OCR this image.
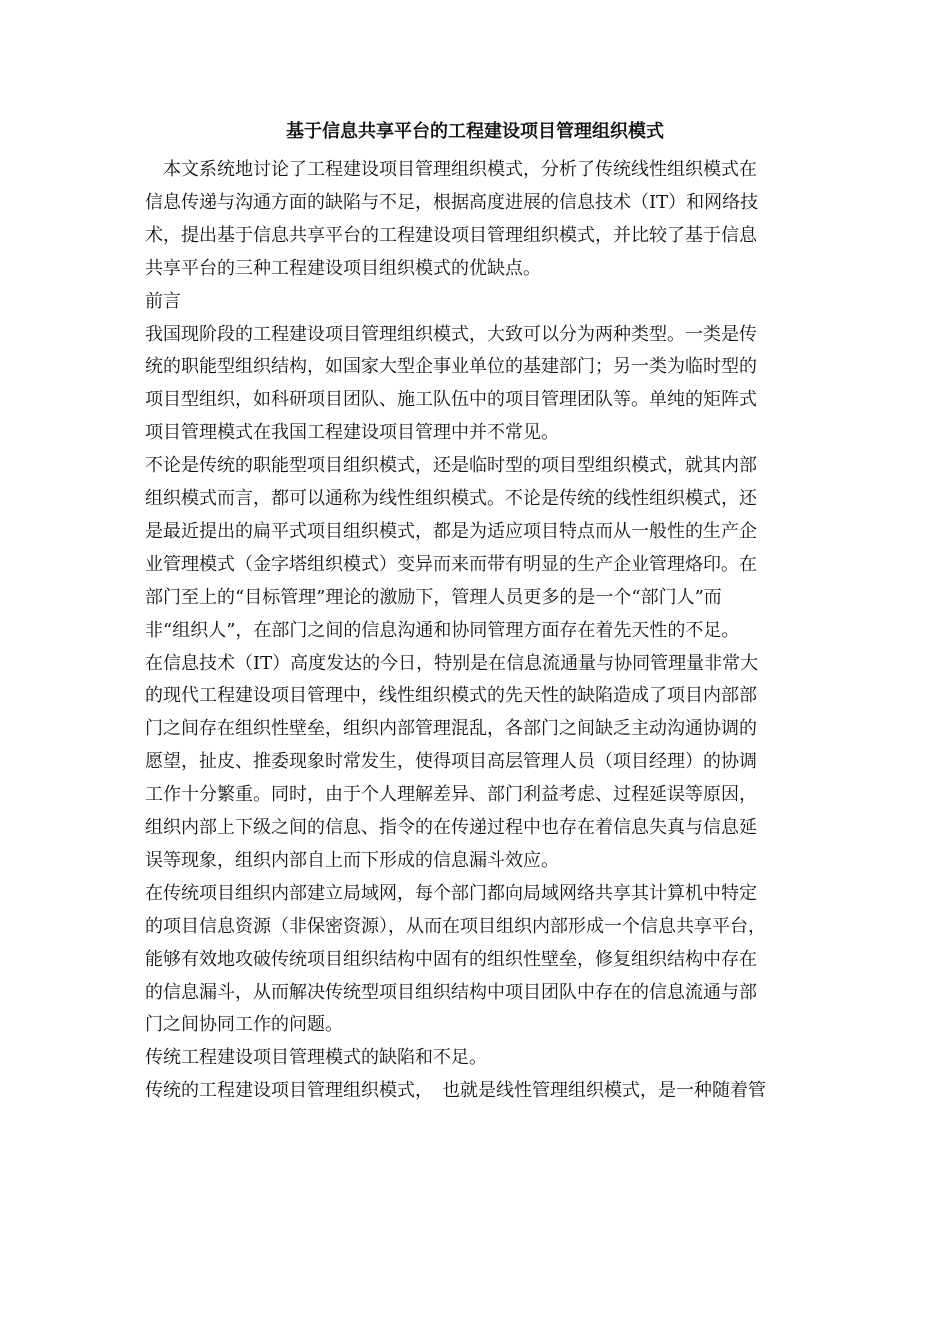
基于信息共享平台的工程建设项目管理组织模式
　本文系统地讨论了工程建设项目管理组织模式，分析了传统线性组织模式在
信息传递与沟通方面的缺陷与不足，根据高度进展的信息技术（IT）和网络技
术，提出基于信息共享平台的工程建设项目管理组织模式，并比较了基于信息
共享平台的三种工程建设项目组织模式的优缺点。
前言
我国现阶段的工程建设项目管理组织模式，大致可以分为两种类型。一类是传
统的职能型组织结构，如国家大型企事业单位的基建部门；另一类为临时型的
项目型组织，如科研项目团队、施工队伍中的项目管理团队等。单纯的矩阵式
项目管理模式在我国工程建设项目管理中并不常见。
不论是传统的职能型项目组织模式，还是临时型的项目型组织模式，就其内部
组织模式而言，都可以通称为线性组织模式。不论是传统的线性组织模式，还
是最近提出的扁平式项目组织模式，都是为适应项目特点而从一般性的生产企
业管理模式（金字塔组织模式）变异而来而带有明显的生产企业管理烙印。在
部门至上的“目标管理”理论的激励下，管理人员更多的是一个“部门人”而
非“组织人”，在部门之间的信息沟通和协同管理方面存在着先天性的不足。
在信息技术（IT）高度发达的今日，特别是在信息流通量与协同管理量非常大
的现代工程建设项目管理中，线性组织模式的先天性的缺陷造成了项目内部部
门之间存在组织性壁垒，组织内部管理混乱，各部门之间缺乏主动沟通协调的
愿望，扯皮、推委现象时常发生，使得项目高层管理人员（项目经理）的协调
工作十分繁重。同时，由于个人理解差异、部门利益考虑、过程延误等原因，
组织内部上下级之间的信息、指令的在传递过程中也存在着信息失真与信息延
误等现象，组织内部自上而下形成的信息漏斗效应。
在传统项目组织内部建立局域网，每个部门都向局域网络共享其计算机中特定
的项目信息资源（非保密资源），从而在项目组织内部形成一个信息共享平台，
能够有效地攻破传统项目组织结构中固有的组织性壁垒，修复组织结构中存在
的信息漏斗，从而解决传统型项目组织结构中项目团队中存在的信息流通与部
门之间协同工作的问题。
传统工程建设项目管理模式的缺陷和不足。
传统的工程建设项目管理组织模式，　也就是线性管理组织模式，是一种随着管
